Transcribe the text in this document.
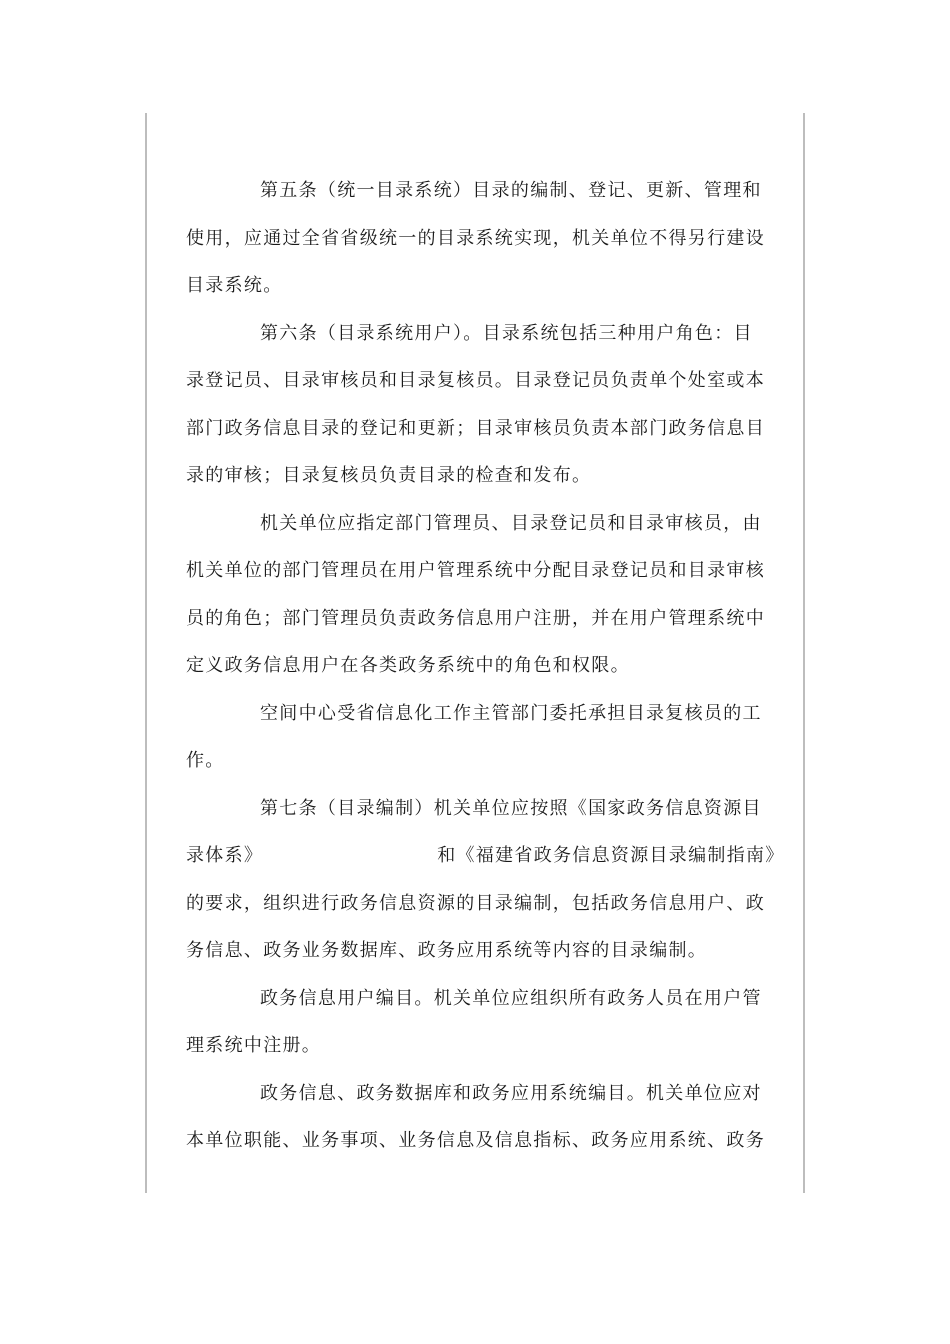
第五条（统一目录系统）目录的编制、登记、更新、管理和
使用，应通过全省省级统一的目录系统实现，机关单位不得另行建设
目录系统。

第六条（目录系统用户）。目录系统包括三种用户角色：目
录登记员、目录审核员和目录复核员。目录登记员负责单个处室或本
部门政务信息目录的登记和更新；目录审核员负责本部门政务信息目
录的审核；目录复核员负责目录的检查和发布。

机关单位应指定部门管理员、目录登记员和目录审核员，由
机关单位的部门管理员在用户管理系统中分配目录登记员和目录审核
员的角色；部门管理员负责政务信息用户注册，并在用户管理系统中
定义政务信息用户在各类政务系统中的角色和权限。

空间中心受省信息化工作主管部门委托承担目录复核员的工
作。

第七条（目录编制）机关单位应按照《国家政务信息资源目
录体系》	和《福建省政务信息资源目录编制指南》
的要求，组织进行政务信息资源的目录编制，包括政务信息用户、政
务信息、政务业务数据库、政务应用系统等内容的目录编制。

政务信息用户编目。机关单位应组织所有政务人员在用户管
理系统中注册。

政务信息、政务数据库和政务应用系统编目。机关单位应对
本单位职能、业务事项、业务信息及信息指标、政务应用系统、政务
